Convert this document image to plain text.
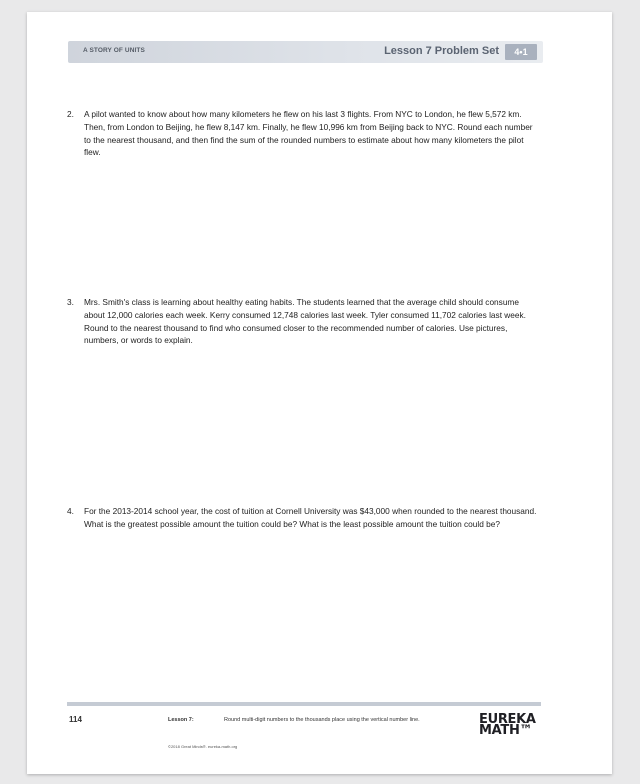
A STORY OF UNITS	Lesson 7 Problem Set	4•1
2. A pilot wanted to know about how many kilometers he flew on his last 3 flights. From NYC to London, he flew 5,572 km. Then, from London to Beijing, he flew 8,147 km. Finally, he flew 10,996 km from Beijing back to NYC. Round each number to the nearest thousand, and then find the sum of the rounded numbers to estimate about how many kilometers the pilot flew.
3. Mrs. Smith's class is learning about healthy eating habits. The students learned that the average child should consume about 12,000 calories each week. Kerry consumed 12,748 calories last week. Tyler consumed 11,702 calories last week. Round to the nearest thousand to find who consumed closer to the recommended number of calories. Use pictures, numbers, or words to explain.
4. For the 2013-2014 school year, the cost of tuition at Cornell University was $43,000 when rounded to the nearest thousand. What is the greatest possible amount the tuition could be? What is the least possible amount the tuition could be?
114	Lesson 7:	Round multi-digit numbers to the thousands place using the vertical number line.
©2018 Great Minds®. eureka-math.org
EUREKA
MATH™
